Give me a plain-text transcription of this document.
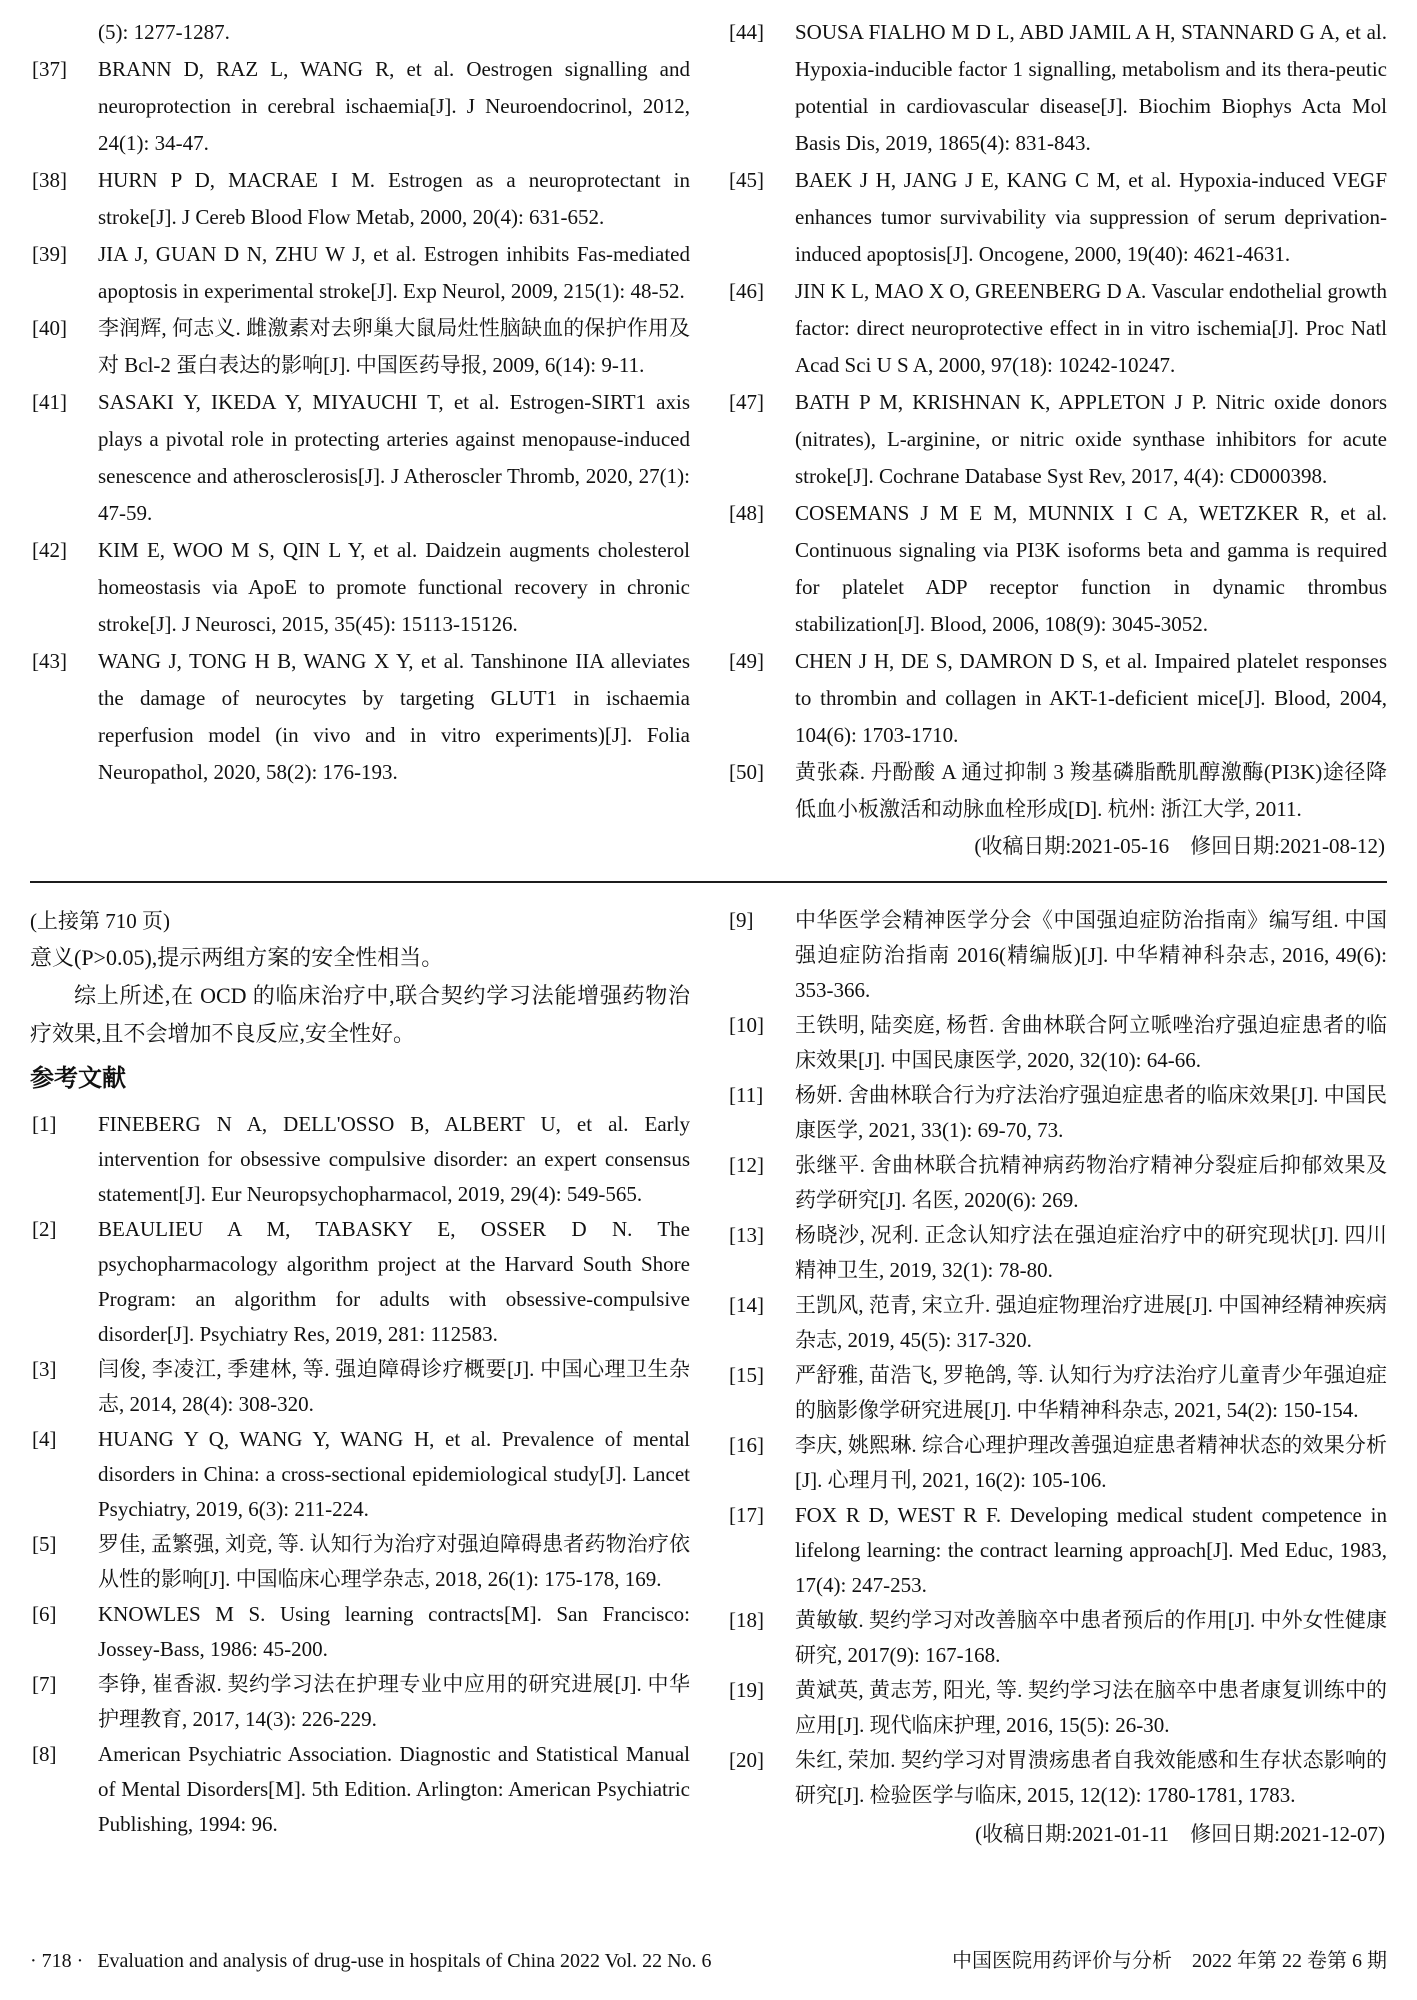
(5): 1277-1287.
[37] BRANN D, RAZ L, WANG R, et al. Oestrogen signalling and neuroprotection in cerebral ischaemia[J]. J Neuroendocrinol, 2012, 24(1): 34-47.
[38] HURN P D, MACRAE I M. Estrogen as a neuroprotectant in stroke[J]. J Cereb Blood Flow Metab, 2000, 20(4): 631-652.
[39] JIA J, GUAN D N, ZHU W J, et al. Estrogen inhibits Fas-mediated apoptosis in experimental stroke[J]. Exp Neurol, 2009, 215(1): 48-52.
[40] 李润辉, 何志义. 雌激素对去卵巢大鼠局灶性脑缺血的保护作用及对 Bcl-2 蛋白表达的影响[J]. 中国医药导报, 2009, 6(14): 9-11.
[41] SASAKI Y, IKEDA Y, MIYAUCHI T, et al. Estrogen-SIRT1 axis plays a pivotal role in protecting arteries against menopause-induced senescence and atherosclerosis[J]. J Atheroscler Thromb, 2020, 27(1): 47-59.
[42] KIM E, WOO M S, QIN L Y, et al. Daidzein augments cholesterol homeostasis via ApoE to promote functional recovery in chronic stroke[J]. J Neurosci, 2015, 35(45): 15113-15126.
[43] WANG J, TONG H B, WANG X Y, et al. Tanshinone IIA alleviates the damage of neurocytes by targeting GLUT1 in ischaemia reperfusion model (in vivo and in vitro experiments)[J]. Folia Neuropathol, 2020, 58(2): 176-193.
[44] SOUSA FIALHO M D L, ABD JAMIL A H, STANNARD G A, et al. Hypoxia-inducible factor 1 signalling, metabolism and its thera-peutic potential in cardiovascular disease[J]. Biochim Biophys Acta Mol Basis Dis, 2019, 1865(4): 831-843.
[45] BAEK J H, JANG J E, KANG C M, et al. Hypoxia-induced VEGF enhances tumor survivability via suppression of serum deprivation-induced apoptosis[J]. Oncogene, 2000, 19(40): 4621-4631.
[46] JIN K L, MAO X O, GREENBERG D A. Vascular endothelial growth factor: direct neuroprotective effect in in vitro ischemia[J]. Proc Natl Acad Sci U S A, 2000, 97(18): 10242-10247.
[47] BATH P M, KRISHNAN K, APPLETON J P. Nitric oxide donors (nitrates), L-arginine, or nitric oxide synthase inhibitors for acute stroke[J]. Cochrane Database Syst Rev, 2017, 4(4): CD000398.
[48] COSEMANS J M E M, MUNNIX I C A, WETZKER R, et al. Continuous signaling via PI3K isoforms beta and gamma is required for platelet ADP receptor function in dynamic thrombus stabilization[J]. Blood, 2006, 108(9): 3045-3052.
[49] CHEN J H, DE S, DAMRON D S, et al. Impaired platelet responses to thrombin and collagen in AKT-1-deficient mice[J]. Blood, 2004, 104(6): 1703-1710.
[50] 黄张森. 丹酚酸 A 通过抑制 3 羧基磷脂酰肌醇激酶(PI3K)途径降低血小板激活和动脉血栓形成[D]. 杭州: 浙江大学, 2011.
(收稿日期:2021-05-16　修回日期:2021-08-12)

(上接第 710 页)

意义(P>0.05),提示两组方案的安全性相当。

综上所述,在 OCD 的临床治疗中,联合契约学习法能增强药物治疗效果,且不会增加不良反应,安全性好。

参考文献
[1] FINEBERG N A, DELL'OSSO B, ALBERT U, et al. Early intervention for obsessive compulsive disorder: an expert consensus statement[J]. Eur Neuropsychopharmacol, 2019, 29(4): 549-565.
[2] BEAULIEU A M, TABASKY E, OSSER D N. The psychopharmacology algorithm project at the Harvard South Shore Program: an algorithm for adults with obsessive-compulsive disorder[J]. Psychiatry Res, 2019, 281: 112583.
[3] 闫俊, 李凌江, 季建林, 等. 强迫障碍诊疗概要[J]. 中国心理卫生杂志, 2014, 28(4): 308-320.
[4] HUANG Y Q, WANG Y, WANG H, et al. Prevalence of mental disorders in China: a cross-sectional epidemiological study[J]. Lancet Psychiatry, 2019, 6(3): 211-224.
[5] 罗佳, 孟繁强, 刘竞, 等. 认知行为治疗对强迫障碍患者药物治疗依从性的影响[J]. 中国临床心理学杂志, 2018, 26(1): 175-178, 169.
[6] KNOWLES M S. Using learning contracts[M]. San Francisco: Jossey-Bass, 1986: 45-200.
[7] 李铮, 崔香淑. 契约学习法在护理专业中应用的研究进展[J]. 中华护理教育, 2017, 14(3): 226-229.
[8] American Psychiatric Association. Diagnostic and Statistical Manual of Mental Disorders[M]. 5th Edition. Arlington: American Psychiatric Publishing, 1994: 96.
[9] 中华医学会精神医学分会《中国强迫症防治指南》编写组. 中国强迫症防治指南 2016(精编版)[J]. 中华精神科杂志, 2016, 49(6): 353-366.
[10] 王铁明, 陆奕庭, 杨哲. 舍曲林联合阿立哌唑治疗强迫症患者的临床效果[J]. 中国民康医学, 2020, 32(10): 64-66.
[11] 杨妍. 舍曲林联合行为疗法治疗强迫症患者的临床效果[J]. 中国民康医学, 2021, 33(1): 69-70, 73.
[12] 张继平. 舍曲林联合抗精神病药物治疗精神分裂症后抑郁效果及药学研究[J]. 名医, 2020(6): 269.
[13] 杨晓沙, 况利. 正念认知疗法在强迫症治疗中的研究现状[J]. 四川精神卫生, 2019, 32(1): 78-80.
[14] 王凯风, 范青, 宋立升. 强迫症物理治疗进展[J]. 中国神经精神疾病杂志, 2019, 45(5): 317-320.
[15] 严舒雅, 苗浩飞, 罗艳鸽, 等. 认知行为疗法治疗儿童青少年强迫症的脑影像学研究进展[J]. 中华精神科杂志, 2021, 54(2): 150-154.
[16] 李庆, 姚熙琳. 综合心理护理改善强迫症患者精神状态的效果分析[J]. 心理月刊, 2021, 16(2): 105-106.
[17] FOX R D, WEST R F. Developing medical student competence in lifelong learning: the contract learning approach[J]. Med Educ, 1983, 17(4): 247-253.
[18] 黄敏敏. 契约学习对改善脑卒中患者预后的作用[J]. 中外女性健康研究, 2017(9): 167-168.
[19] 黄斌英, 黄志芳, 阳光, 等. 契约学习法在脑卒中患者康复训练中的应用[J]. 现代临床护理, 2016, 15(5): 26-30.
[20] 朱红, 荣加. 契约学习对胃溃疡患者自我效能感和生存状态影响的研究[J]. 检验医学与临床, 2015, 12(12): 1780-1781, 1783.
(收稿日期:2021-01-11　修回日期:2021-12-07)
· 718 · Evaluation and analysis of drug-use in hospitals of China 2022 Vol. 22 No. 6	中国医院用药评价与分析　2022 年第 22 卷第 6 期
